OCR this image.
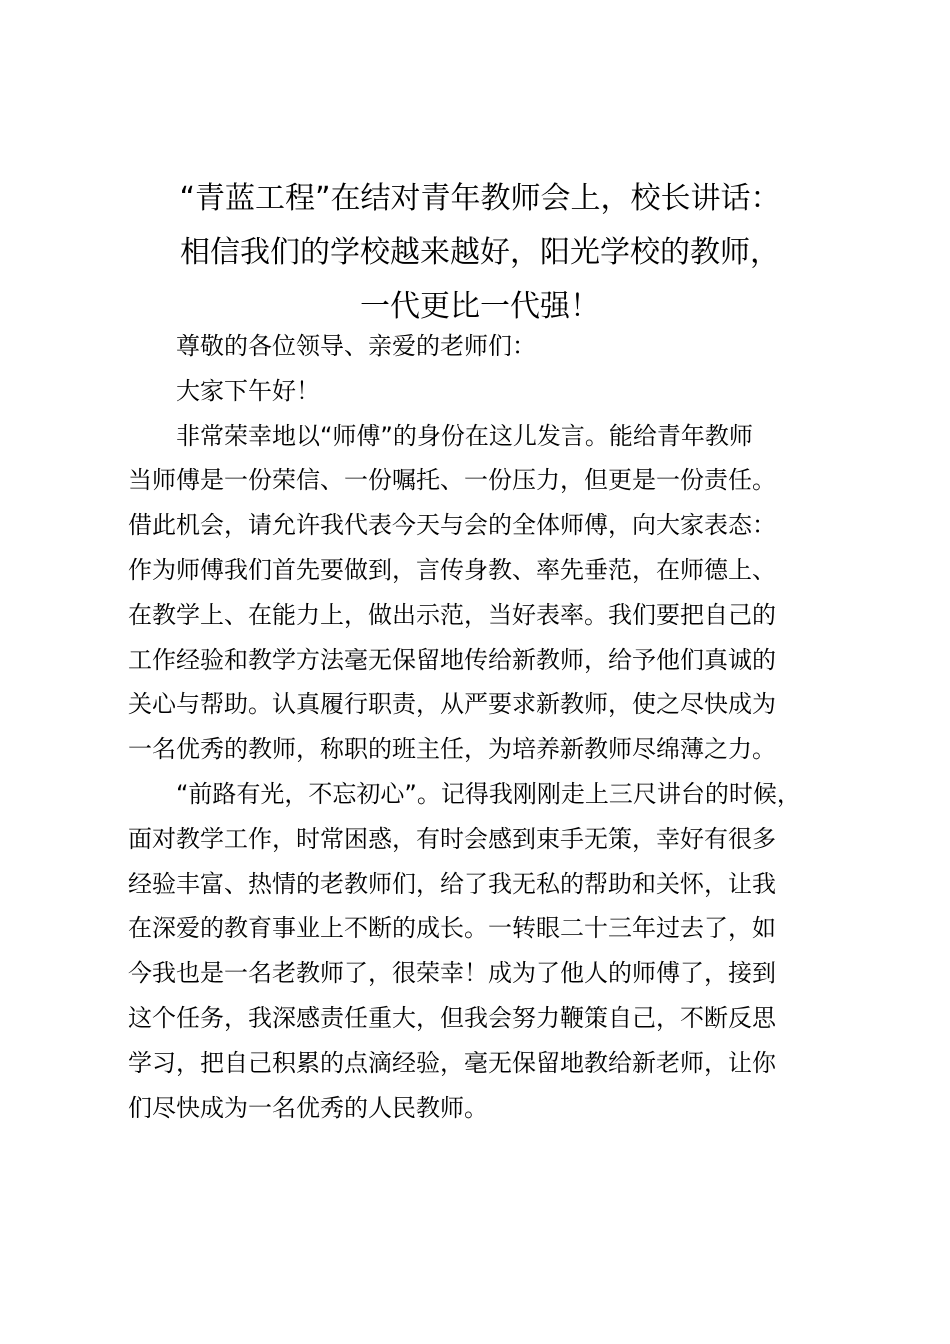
“青蓝工程”在结对青年教师会上，校长讲话：
相信我们的学校越来越好，阳光学校的教师，
一代更比一代强！
尊敬的各位领导、亲爱的老师们：
大家下午好！
非常荣幸地以“师傅”的身份在这儿发言。能给青年教师
当师傅是一份荣信、一份嘱托、一份压力，但更是一份责任。
借此机会，请允许我代表今天与会的全体师傅，向大家表态：
作为师傅我们首先要做到，言传身教、率先垂范，在师德上、
在教学上、在能力上，做出示范，当好表率。我们要把自己的
工作经验和教学方法毫无保留地传给新教师，给予他们真诚的
关心与帮助。认真履行职责，从严要求新教师，使之尽快成为
一名优秀的教师，称职的班主任，为培养新教师尽绵薄之力。
“前路有光，不忘初心”。记得我刚刚走上三尺讲台的时候，
面对教学工作，时常困惑，有时会感到束手无策，幸好有很多
经验丰富、热情的老教师们，给了我无私的帮助和关怀，让我
在深爱的教育事业上不断的成长。一转眼二十三年过去了，如
今我也是一名老教师了，很荣幸！成为了他人的师傅了，接到
这个任务，我深感责任重大，但我会努力鞭策自己，不断反思
学习，把自己积累的点滴经验，毫无保留地教给新老师，让你
们尽快成为一名优秀的人民教师。
